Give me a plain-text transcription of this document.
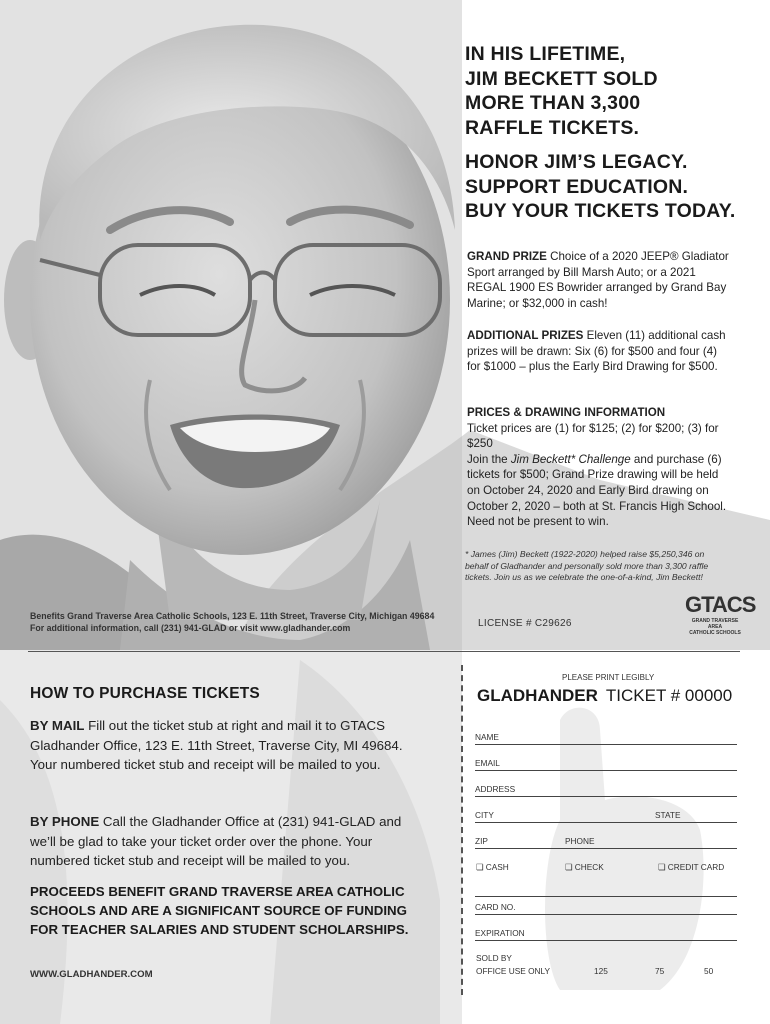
IN HIS LIFETIME,
JIM BECKETT SOLD
MORE THAN 3,300
RAFFLE TICKETS.
HONOR JIM’S LEGACY.
SUPPORT EDUCATION.
BUY YOUR TICKETS TODAY.
GRAND PRIZE Choice of a 2020 JEEP® Gladiator Sport arranged by Bill Marsh Auto; or a 2021 REGAL 1900 ES Bowrider arranged by Grand Bay Marine; or $32,000 in cash!
ADDITIONAL PRIZES Eleven (11) additional cash prizes will be drawn: Six (6) for $500 and four (4) for $1000 – plus the Early Bird Drawing for $500.
PRICES & DRAWING INFORMATION
Ticket prices are (1) for $125; (2) for $200; (3) for $250
Join the Jim Beckett* Challenge and purchase (6) tickets for $500; Grand Prize drawing will be held on October 24, 2020 and Early Bird drawing on October 2, 2020 – both at St. Francis High School. Need not be present to win.
* James (Jim) Beckett (1922-2020) helped raise $5,250,346 on behalf of Gladhander and personally sold more than 3,300 raffle tickets. Join us as we celebrate the one-of-a-kind, Jim Beckett!
Benefits Grand Traverse Area Catholic Schools, 123 E. 11th Street, Traverse City, Michigan 49684
For additional information, call (231) 941-GLAD or visit www.gladhander.com	LICENSE # C29626
GTACS
GRAND TRAVERSE AREA
CATHOLIC SCHOOLS
HOW TO PURCHASE TICKETS
BY MAIL Fill out the ticket stub at right and mail it to GTACS Gladhander Office, 123 E. 11th Street, Traverse City, MI 49684. Your numbered ticket stub and receipt will be mailed to you.
BY PHONE Call the Gladhander Office at (231) 941-GLAD and we’ll be glad to take your ticket order over the phone. Your numbered ticket stub and receipt will be mailed to you.
PROCEEDS BENEFIT GRAND TRAVERSE AREA CATHOLIC SCHOOLS AND ARE A SIGNIFICANT SOURCE OF FUNDING FOR TEACHER SALARIES AND STUDENT SCHOLARSHIPS.
WWW.GLADHANDER.COM
PLEASE PRINT LEGIBLY
GLADHANDER TICKET # 00000
NAME
EMAIL
ADDRESS
CITY	STATE
ZIP	PHONE
❏ CASH	❏ CHECK	❏ CREDIT CARD
CARD NO.
EXPIRATION
SOLD BY
OFFICE USE ONLY	125	75	50
